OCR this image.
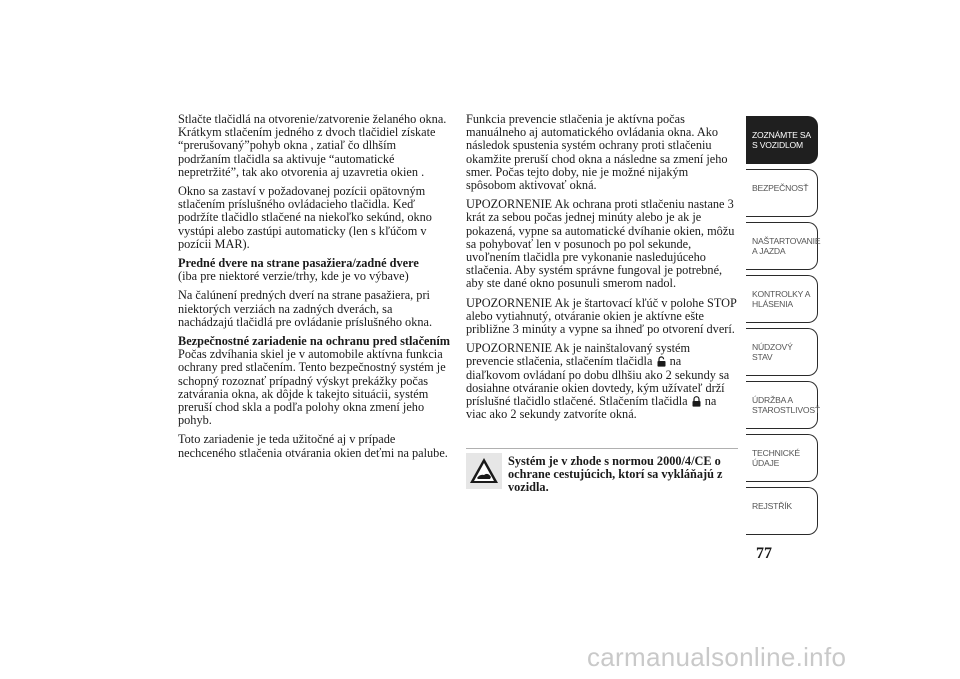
Stlačte tlačidlá na otvorenie/zatvorenie želaného okna. Krátkym stlačením jedného z dvoch tlačidiel získate “prerušovaný”pohyb okna , zatiaľ čo dlhším podržaním tlačidla sa aktivuje “automatické nepretržité”, tak ako otvorenia aj uzavretia okien .

Okno sa zastaví v požadovanej pozícii opätovným stlačením príslušného ovládacieho tlačidla. Keď podržíte tlačidlo stlačené na niekoľko sekúnd, okno vystúpi alebo zastúpi automaticky (len s kľúčom v pozícii MAR).

Predné dvere na strane pasažiera/zadné dvere

(iba pre niektoré verzie/trhy, kde je vo výbave)

Na čalúnení predných dverí na strane pasažiera, pri niektorých verziách na zadných dverách, sa nachádzajú tlačidlá pre ovládanie príslušného okna.

Bezpečnostné zariadenie na ochranu pred stlačením

Počas zdvíhania skiel je v automobile aktívna funkcia ochrany pred stlačením. Tento bezpečnostný systém je schopný rozoznať prípadný výskyt prekážky počas zatvárania okna, ak dôjde k takejto situácii, systém preruší chod skla a podľa polohy okna zmení jeho pohyb.

Toto zariadenie je teda užitočné aj v prípade nechceného stlačenia otvárania okien deťmi na palube.

Funkcia prevencie stlačenia je aktívna počas manuálneho aj automatického ovládania okna. Ako následok spustenia systém ochrany proti stlačeniu okamžite preruší chod okna a následne sa zmení jeho smer. Počas tejto doby, nie je možné nijakým spôsobom aktivovať okná.

UPOZORNENIE Ak ochrana proti stlačeniu nastane 3 krát za sebou počas jednej minúty alebo je ak je pokazená, vypne sa automatické dvíhanie okien, môžu sa pohybovať len v posunoch po pol sekunde, uvoľnením tlačidla pre vykonanie nasledujúceho stlačenia. Aby systém správne fungoval je potrebné, aby ste dané okno posunuli smerom nadol.

UPOZORNENIE Ak je štartovací kľúč v polohe STOP alebo vytiahnutý, otváranie okien je aktívne ešte približne 3 minúty a vypne sa ihneď po otvorení dverí.

UPOZORNENIE Ak je nainštalovaný systém prevencie stlačenia, stlačením tlačidla na diaľkovom ovládaní po dobu dlhšiu ako 2 sekundy sa dosiahne otváranie okien dovtedy, kým užívateľ drží príslušné tlačidlo stlačené. Stlačením tlačidla na viac ako 2 sekundy zatvoríte okná.

Systém je v zhode s normou 2000/4/CE o ochrane cestujúcich, ktorí sa vykláňajú z vozidla.
ZOZNÁMTE SA S VOZIDLOM
BEZPEČNOSŤ
NAŠTARTOVANIE A JAZDA
KONTROLKY A HLÁSENIA
NÚDZOVÝ STAV
ÚDRŽBA A STAROSTLIVOSŤ
TECHNICKÉ ÚDAJE
REJSTŘÍK
77
carmanualsonline.info
